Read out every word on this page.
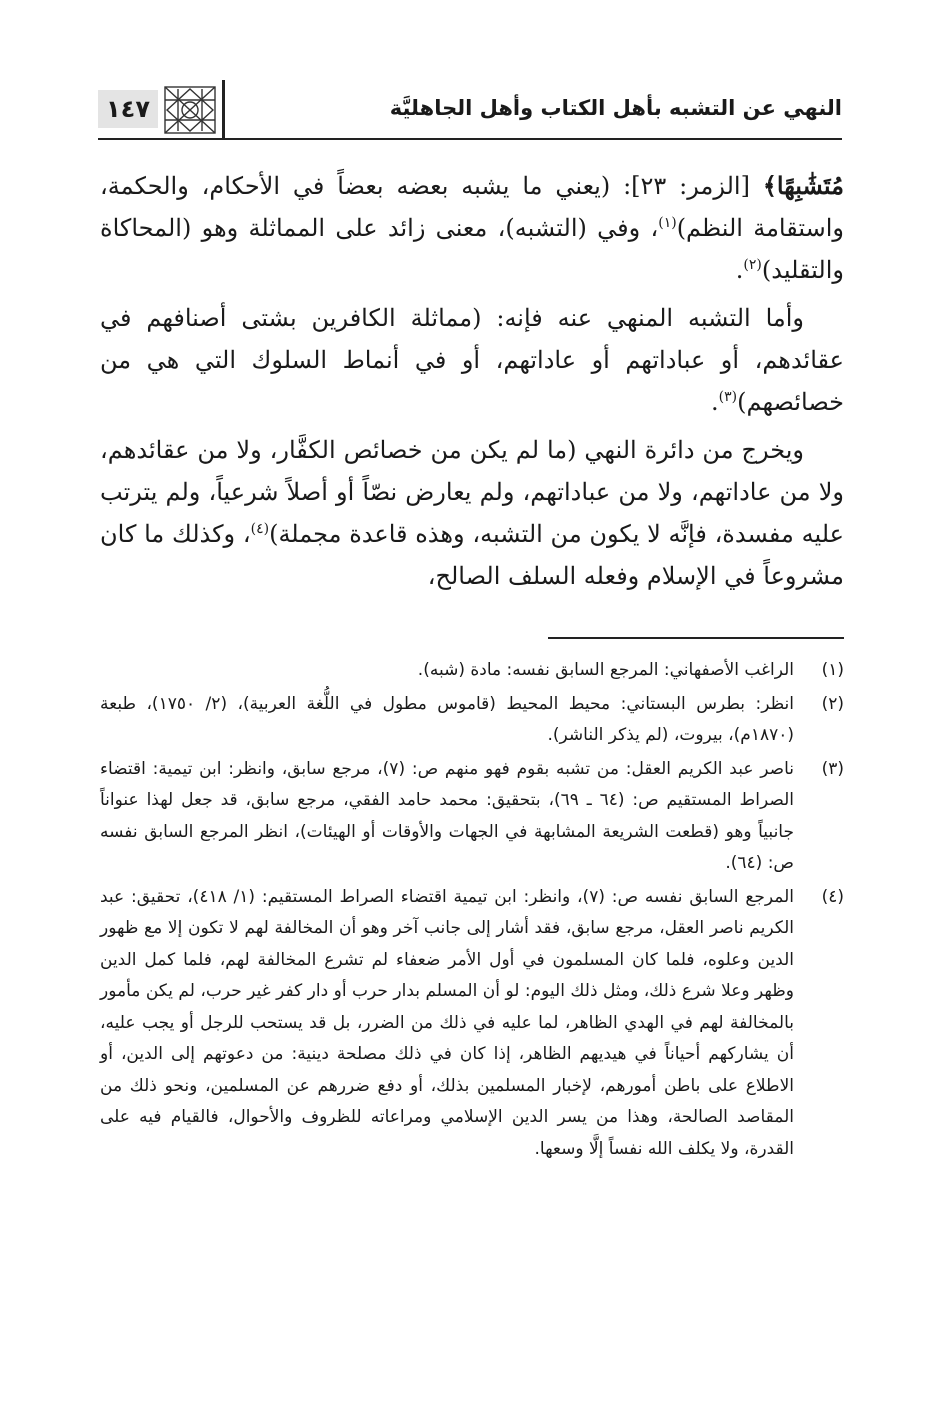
النهي عن التشبه بأهل الكتاب وأهل الجاهليَّة
١٤٧

مُتَشَٰبِهًا﴾ [الزمر: ٢٣]: (يعني ما يشبه بعضه بعضاً في الأحكام، والحكمة، واستقامة النظم)$^{(١)}$، وفي (التشبه)، معنى زائد على المماثلة وهو (المحاكاة والتقليد)$^{(٢)}$.

وأما التشبه المنهي عنه فإنه: (مماثلة الكافرين بشتى أصنافهم في عقائدهم، أو عباداتهم أو عاداتهم، أو في أنماط السلوك التي هي من خصائصهم)$^{(٣)}$.

ويخرج من دائرة النهي (ما لم يكن من خصائص الكفَّار، ولا من عقائدهم، ولا من عاداتهم، ولا من عباداتهم، ولم يعارض نصّاً أو أصلاً شرعياً، ولم يترتب عليه مفسدة، فإنَّه لا يكون من التشبه، وهذه قاعدة مجملة)$^{(٤)}$، وكذلك ما كان مشروعاً في الإسلام وفعله السلف الصالح،

(١)
الراغب الأصفهاني: المرجع السابق نفسه: مادة (شبه).
(٢)
انظر: بطرس البستاني: محيط المحيط (قاموس مطول في اللُّغة العربية)، (٢/ ١٧٥٠)، طبعة (١٨٧٠م)، بيروت، (لم يذكر الناشر).
(٣)
ناصر عبد الكريم العقل: من تشبه بقوم فهو منهم ص: (٧)، مرجع سابق، وانظر: ابن تيمية: اقتضاء الصراط المستقيم ص: (٦٤ ـ ٦٩)، بتحقيق: محمد حامد الفقي، مرجع سابق، قد جعل لهذا عنواناً جانبياً وهو (قطعت الشريعة المشابهة في الجهات والأوقات أو الهيئات)، انظر المرجع السابق نفسه ص: (٦٤).
(٤)
المرجع السابق نفسه ص: (٧)، وانظر: ابن تيمية اقتضاء الصراط المستقيم: (١/ ٤١٨)، تحقيق: عبد الكريم ناصر العقل، مرجع سابق، فقد أشار إلى جانب آخر وهو أن المخالفة لهم لا تكون إلا مع ظهور الدين وعلوه، فلما كان المسلمون في أول الأمر ضعفاء لم تشرع المخالفة لهم، فلما كمل الدين وظهر وعلا شرع ذلك، ومثل ذلك اليوم: لو أن المسلم بدار حرب أو دار كفر غير حرب، لم يكن مأمور بالمخالفة لهم في الهدي الظاهر، لما عليه في ذلك من الضرر، بل قد يستحب للرجل أو يجب عليه، أن يشاركهم أحياناً في هيديهم الظاهر، إذا كان في ذلك مصلحة دينية: من دعوتهم إلى الدين، أو الاطلاع على باطن أمورهم، لإخبار المسلمين بذلك، أو دفع ضررهم عن المسلمين، ونحو ذلك من المقاصد الصالحة، وهذا من يسر الدين الإسلامي ومراعاته للظروف والأحوال، فالقيام فيه على القدرة، ولا يكلف الله نفساً إلَّا وسعها.
